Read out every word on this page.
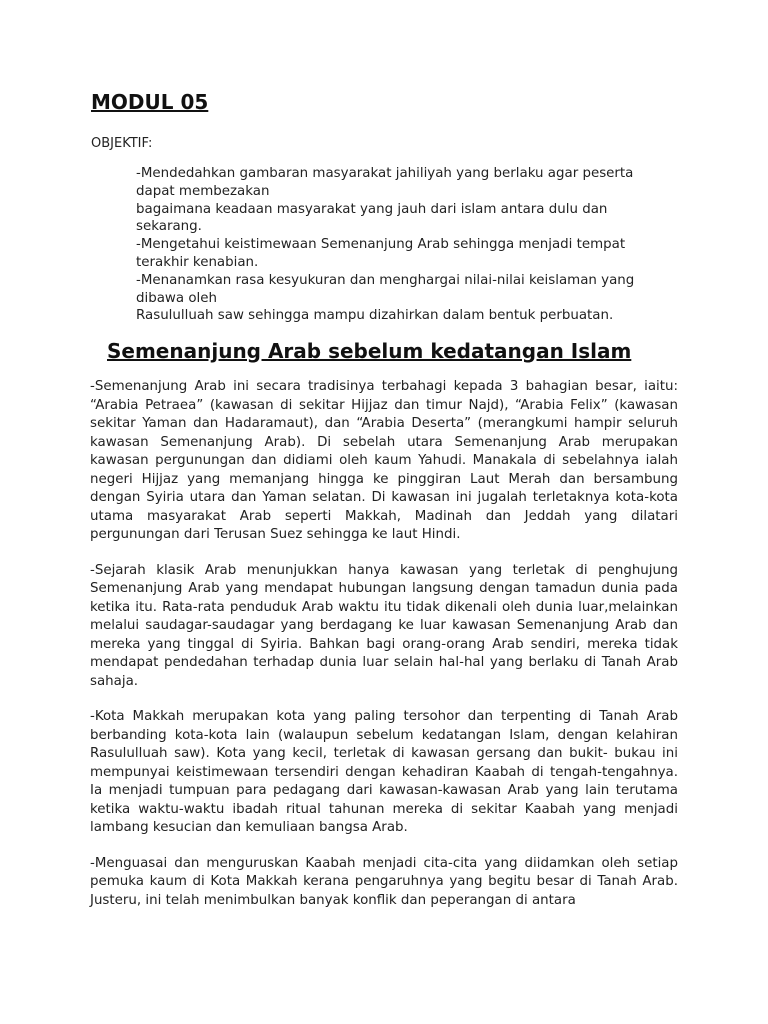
MODUL 05

OBJEKTIF:

-Mendedahkan gambaran masyarakat jahiliyah yang berlaku agar peserta dapat membezakan
bagaimana keadaan masyarakat yang jauh dari islam antara dulu dan sekarang.
-Mengetahui keistimewaan Semenanjung Arab sehingga menjadi tempat terakhir kenabian.
-Menanamkan rasa kesyukuran dan menghargai nilai-nilai keislaman yang dibawa oleh
Rasululluah saw sehingga mampu dizahirkan dalam bentuk perbuatan.
Semenanjung Arab sebelum kedatangan Islam

-Semenanjung Arab ini secara tradisinya terbahagi kepada 3 bahagian besar, iaitu: “Arabia Petraea” (kawasan di sekitar Hijjaz dan timur Najd), “Arabia Felix” (kawasan sekitar Yaman dan Hadaramaut), dan “Arabia Deserta” (merangkumi hampir seluruh kawasan Semenanjung Arab). Di sebelah utara Semenanjung Arab merupakan kawasan pergunungan dan didiami oleh kaum Yahudi. Manakala di sebelahnya ialah negeri Hijjaz yang memanjang hingga ke pinggiran Laut Merah dan bersambung dengan Syiria utara dan Yaman selatan. Di kawasan ini jugalah terletaknya kota-kota utama masyarakat Arab seperti Makkah, Madinah dan Jeddah yang dilatari pergunungan dari Terusan Suez sehingga ke laut Hindi.

-Sejarah klasik Arab menunjukkan hanya kawasan yang terletak di penghujung Semenanjung Arab yang mendapat hubungan langsung dengan tamadun dunia pada ketika itu. Rata-rata penduduk Arab waktu itu tidak dikenali oleh dunia luar,melainkan melalui saudagar-saudagar yang berdagang ke luar kawasan Semenanjung Arab dan mereka yang tinggal di Syiria. Bahkan bagi orang-orang Arab sendiri, mereka tidak mendapat pendedahan terhadap dunia luar selain hal-hal yang berlaku di Tanah Arab sahaja.

-Kota Makkah merupakan kota yang paling tersohor dan terpenting di Tanah Arab berbanding kota-kota lain (walaupun sebelum kedatangan Islam, dengan kelahiran Rasululluah saw). Kota yang kecil, terletak di kawasan gersang dan bukit- bukau ini mempunyai keistimewaan tersendiri dengan kehadiran Kaabah di tengah-tengahnya. Ia menjadi tumpuan para pedagang dari kawasan-kawasan Arab yang lain terutama ketika waktu-waktu ibadah ritual tahunan mereka di sekitar Kaabah yang menjadi lambang kesucian dan kemuliaan bangsa Arab.

-Menguasai dan menguruskan Kaabah menjadi cita-cita yang diidamkan oleh setiap pemuka kaum di Kota Makkah kerana pengaruhnya yang begitu besar di Tanah Arab. Justeru, ini telah menimbulkan banyak konflik dan peperangan di antara
